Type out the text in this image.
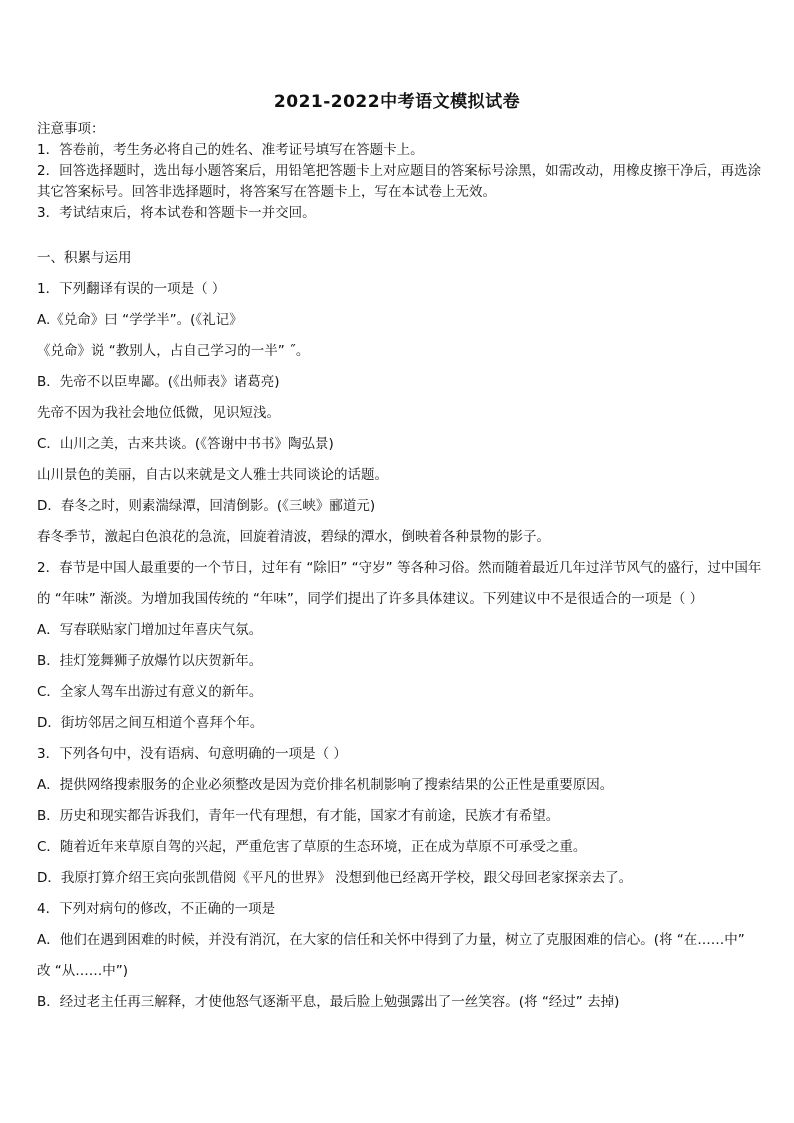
2021-2022中考语文模拟试卷

注意事项：

1．答卷前，考生务必将自己的姓名、准考证号填写在答题卡上。

2．回答选择题时，选出每小题答案后，用铅笔把答题卡上对应题目的答案标号涂黑，如需改动，用橡皮擦干净后，再选涂其它答案标号。回答非选择题时，将答案写在答题卡上，写在本试卷上无效。

3．考试结束后，将本试卷和答题卡一并交回。

一、积累与运用

1．下列翻译有误的一项是（ ）

A.《兑命》曰 “学学半”。(《礼记》

《兑命》说 “教别人，占自己学习的一半” ˝。

B．先帝不以臣卑鄙。(《出师表》诸葛亮)

先帝不因为我社会地位低微，见识短浅。

C．山川之美，古来共谈。(《答谢中书书》陶弘景)

山川景色的美丽，自古以来就是文人雅士共同谈论的话题。

D．春冬之时，则素湍绿潭，回清倒影。(《三峡》郦道元)

春冬季节，激起白色浪花的急流，回旋着清波，碧绿的潭水，倒映着各种景物的影子。

2．春节是中国人最重要的一个节日，过年有 “除旧” “守岁” 等各种习俗。然而随着最近几年过洋节风气的盛行，过中国年的 “年味” 渐淡。为增加我国传统的 “年味”，同学们提出了许多具体建议。下列建议中不是很适合的一项是（ ）

A．写春联贴家门增加过年喜庆气氛。

B．挂灯笼舞狮子放爆竹以庆贺新年。

C．全家人驾车出游过有意义的新年。

D．街坊邻居之间互相道个喜拜个年。

3．下列各句中，没有语病、句意明确的一项是（ ）

A．提供网络搜索服务的企业必须整改是因为竞价排名机制影响了搜索结果的公正性是重要原因。

B．历史和现实都告诉我们，青年一代有理想，有才能，国家才有前途，民族才有希望。

C．随着近年来草原自驾的兴起，严重危害了草原的生态环境，正在成为草原不可承受之重。

D．我原打算介绍王宾向张凯借阅《平凡的世界》 没想到他已经离开学校，跟父母回老家探亲去了。

4．下列对病句的修改，不正确的一项是

A．他们在遇到困难的时候，并没有消沉，在大家的信任和关怀中得到了力量，树立了克服困难的信心。(将 “在……中” 改 “从……中”)

B．经过老主任再三解释，才使他怒气逐渐平息，最后脸上勉强露出了一丝笑容。(将 “经过” 去掉)
